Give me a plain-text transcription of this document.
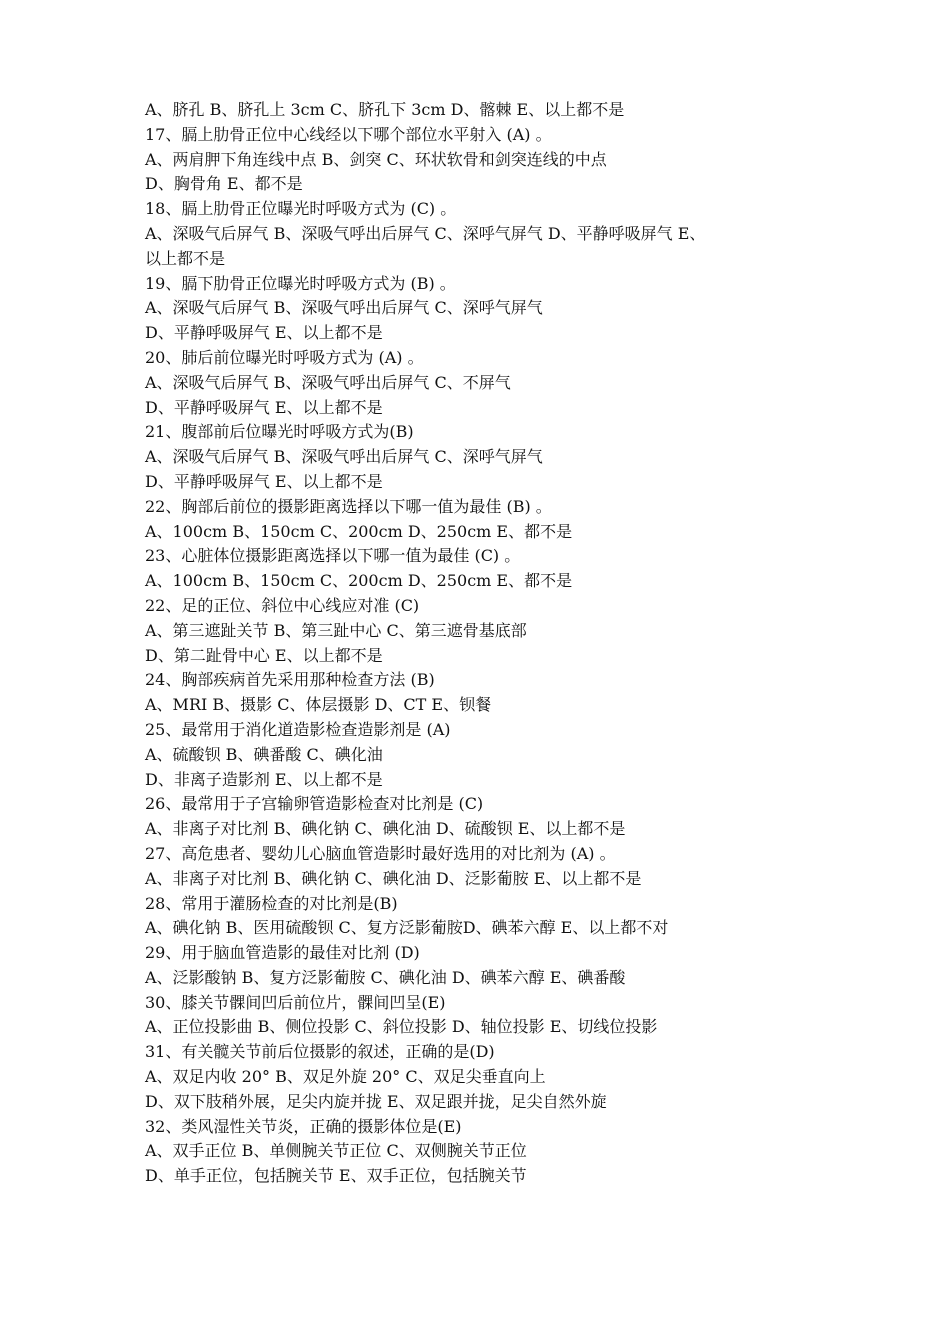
A、脐孔 B、脐孔上 3cm C、脐孔下 3cm D、髂棘 E、以上都不是
17、膈上肋骨正位中心线经以下哪个部位水平射入 (A) 。
A、两肩胛下角连线中点 B、剑突 C、环状软骨和剑突连线的中点
D、胸骨角 E、都不是
18、膈上肋骨正位曝光时呼吸方式为 (C) 。
A、深吸气后屏气 B、深吸气呼出后屏气 C、深呼气屏气 D、平静呼吸屏气 E、
以上都不是
19、膈下肋骨正位曝光时呼吸方式为 (B) 。
A、深吸气后屏气 B、深吸气呼出后屏气 C、深呼气屏气
D、平静呼吸屏气 E、以上都不是
20、肺后前位曝光时呼吸方式为 (A) 。
A、深吸气后屏气 B、深吸气呼出后屏气 C、不屏气
D、平静呼吸屏气 E、以上都不是
21、腹部前后位曝光时呼吸方式为(B)
A、深吸气后屏气 B、深吸气呼出后屏气 C、深呼气屏气
D、平静呼吸屏气 E、以上都不是
22、胸部后前位的摄影距离选择以下哪一值为最佳 (B) 。
A、100cm B、150cm C、200cm D、250cm E、都不是
23、心脏体位摄影距离选择以下哪一值为最佳 (C) 。
A、100cm B、150cm C、200cm D、250cm E、都不是
22、足的正位、斜位中心线应对准 (C)
A、第三遮趾关节 B、第三趾中心 C、第三遮骨基底部
D、第二趾骨中心 E、以上都不是
24、胸部疾病首先采用那种检查方法 (B)
A、MRI B、摄影 C、体层摄影 D、CT E、钡餐
25、最常用于消化道造影检查造影剂是 (A)
A、硫酸钡 B、碘番酸 C、碘化油
D、非离子造影剂 E、以上都不是
26、最常用于子宫输卵管造影检查对比剂是 (C)
A、非离子对比剂 B、碘化钠 C、碘化油 D、硫酸钡 E、以上都不是
27、高危患者、婴幼儿心脑血管造影时最好选用的对比剂为 (A) 。
A、非离子对比剂 B、碘化钠 C、碘化油 D、泛影葡胺 E、以上都不是
28、常用于灌肠检查的对比剂是(B)
A、碘化钠 B、医用硫酸钡 C、复方泛影葡胺D、碘苯六醇 E、以上都不对
29、用于脑血管造影的最佳对比剂 (D)
A、泛影酸钠 B、复方泛影葡胺 C、碘化油 D、碘苯六醇 E、碘番酸
30、膝关节髁间凹后前位片，髁间凹呈(E)
A、正位投影曲 B、侧位投影 C、斜位投影 D、轴位投影 E、切线位投影
31、有关髋关节前后位摄影的叙述，正确的是(D)
A、双足内收 20° B、双足外旋 20° C、双足尖垂直向上
D、双下肢稍外展，足尖内旋并拢 E、双足跟并拢，足尖自然外旋
32、类风湿性关节炎，正确的摄影体位是(E)
A、双手正位 B、单侧腕关节正位 C、双侧腕关节正位
D、单手正位，包括腕关节 E、双手正位，包括腕关节
